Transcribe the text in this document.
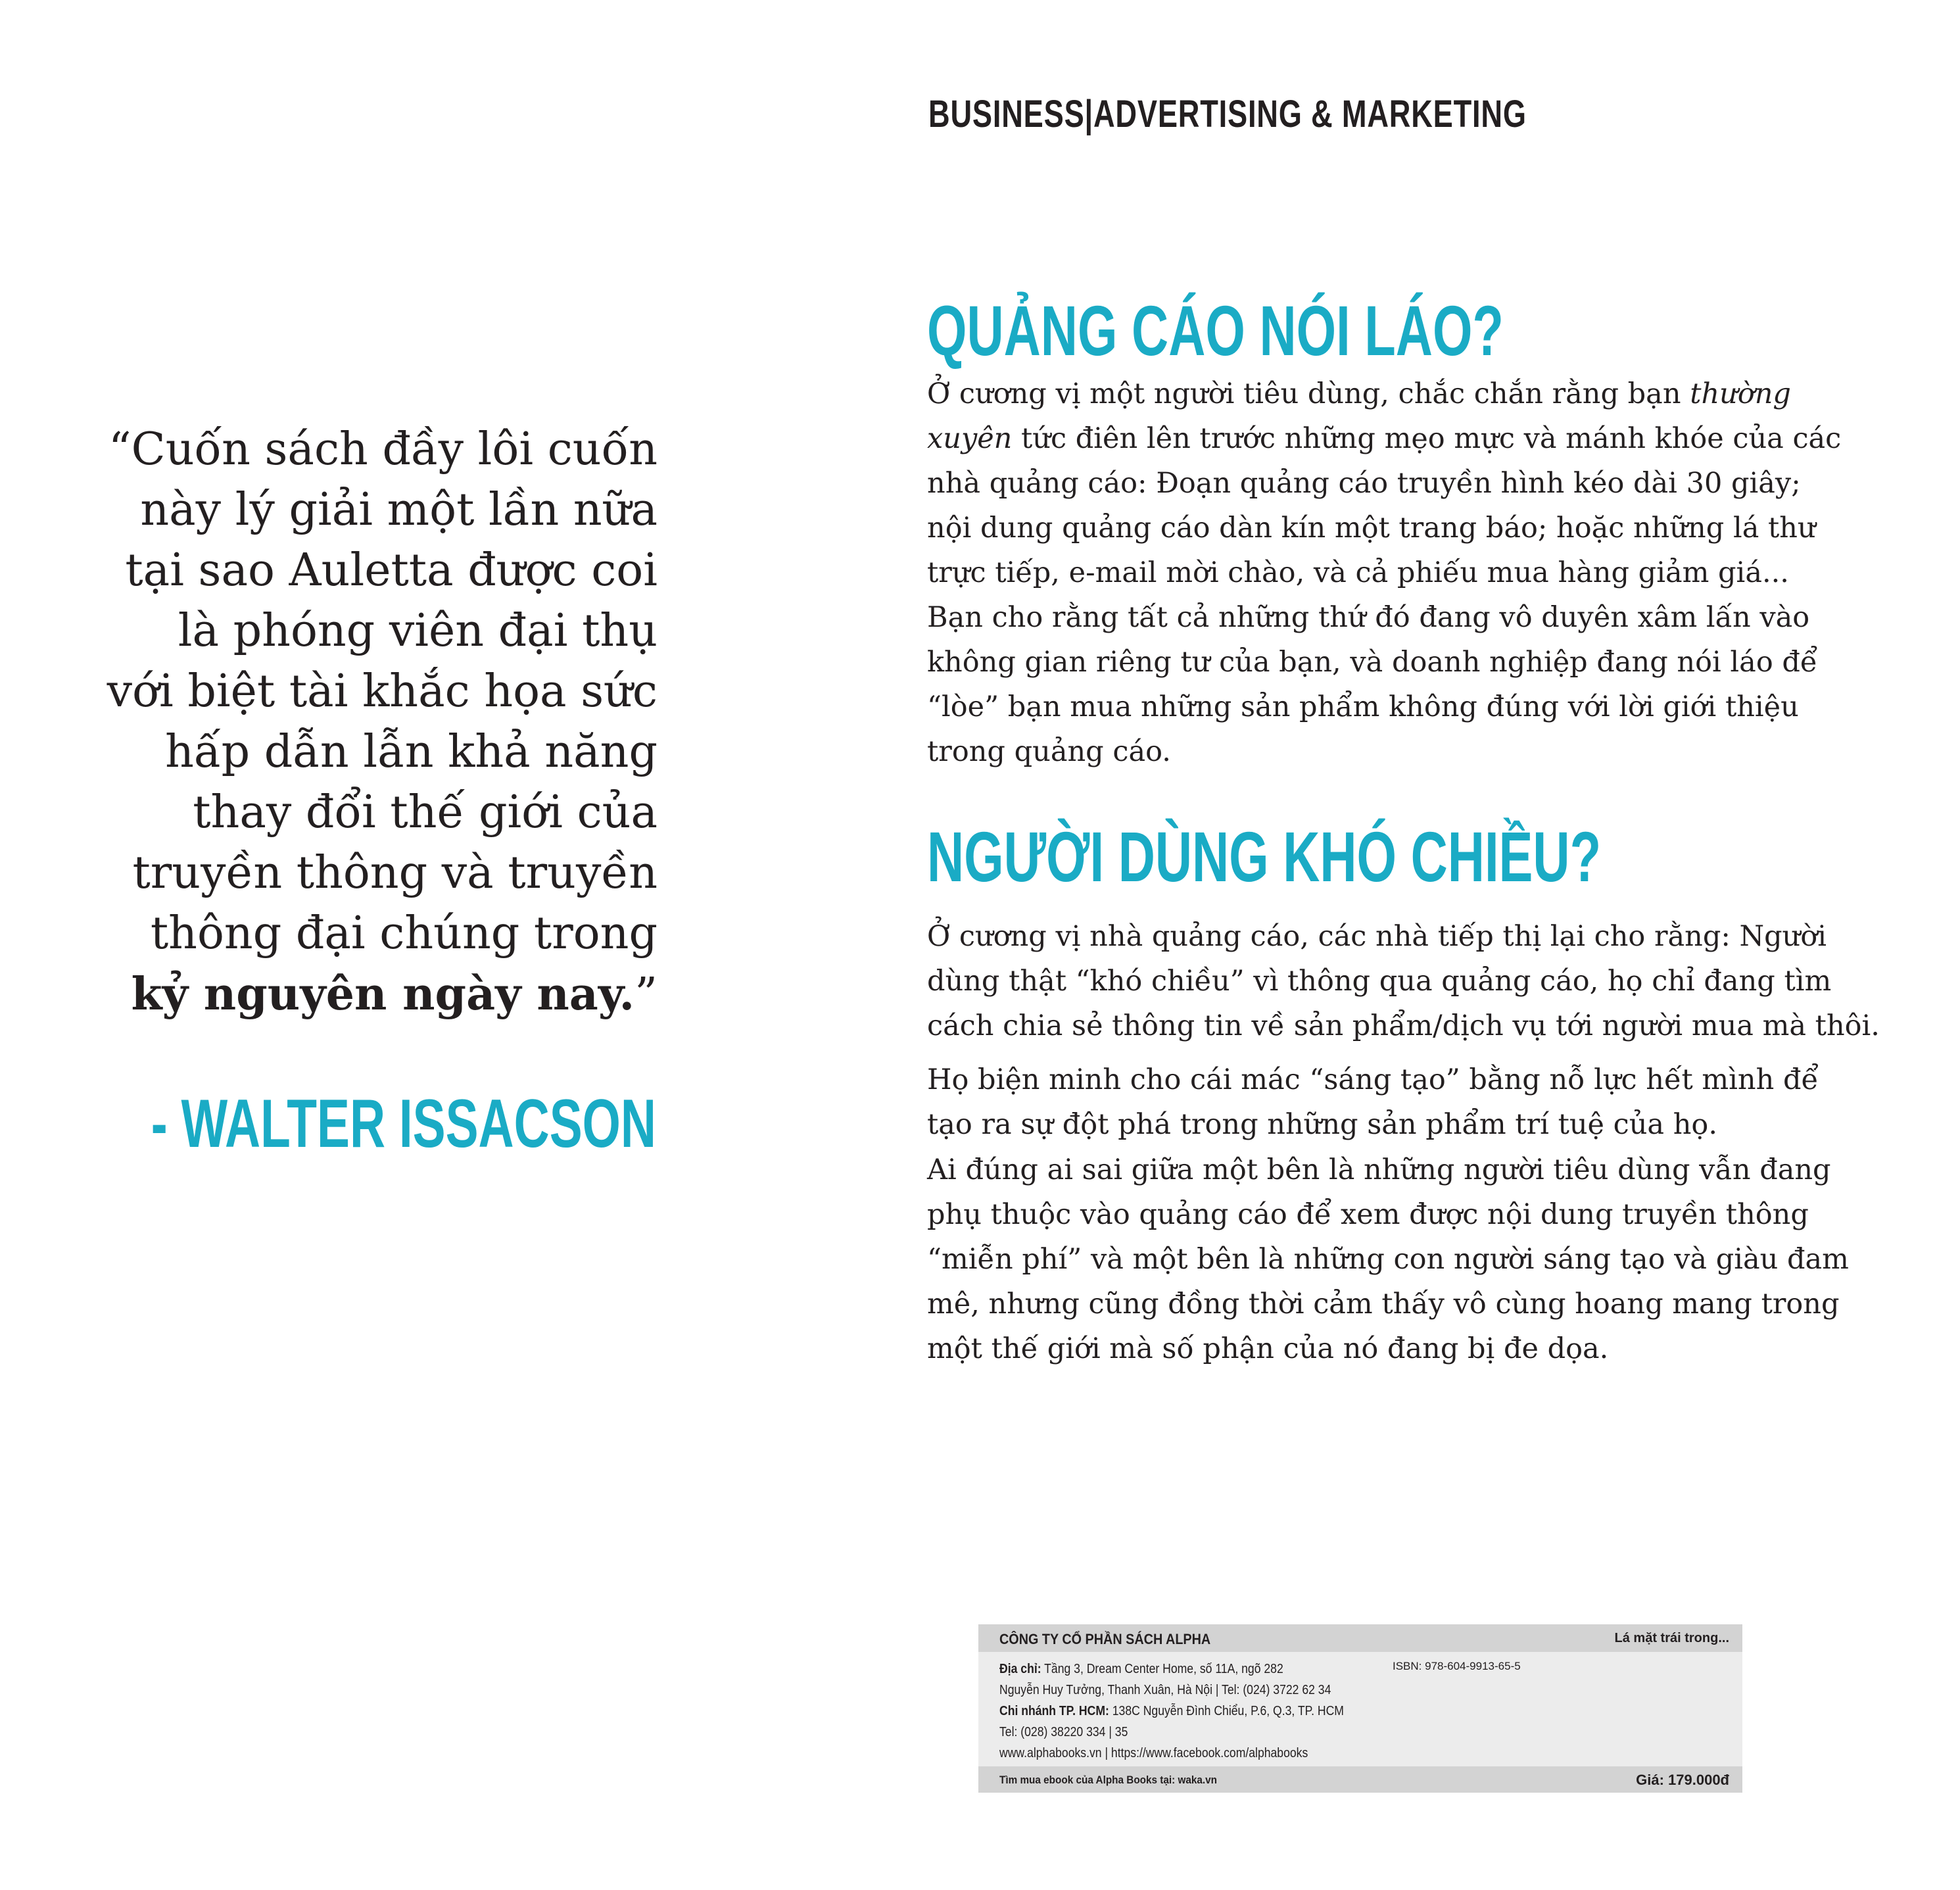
BUSINESS|ADVERTISING & MARKETING
“Cuốn sách đầy lôi cuốn
này lý giải một lần nữa
tại sao Auletta được coi
là phóng viên đại thụ
với biệt tài khắc họa sức
hấp dẫn lẫn khả năng
thay đổi thế giới của
truyền thông và truyền
thông đại chúng trong
kỷ nguyên ngày nay.”
- WALTER ISSACSON
QUẢNG CÁO NÓI LÁO?
Ở cương vị một người tiêu dùng, chắc chắn rằng bạn thường
xuyên tức điên lên trước những mẹo mực và mánh khóe của các
nhà quảng cáo: Đoạn quảng cáo truyền hình kéo dài 30 giây;
nội dung quảng cáo dàn kín một trang báo; hoặc những lá thư
trực tiếp, e-mail mời chào, và cả phiếu mua hàng giảm giá...
Bạn cho rằng tất cả những thứ đó đang vô duyên xâm lấn vào
không gian riêng tư của bạn, và doanh nghiệp đang nói láo để
“lòe” bạn mua những sản phẩm không đúng với lời giới thiệu
trong quảng cáo.
NGƯỜI DÙNG KHÓ CHIỀU?
Ở cương vị nhà quảng cáo, các nhà tiếp thị lại cho rằng: Người
dùng thật “khó chiều” vì thông qua quảng cáo, họ chỉ đang tìm
cách chia sẻ thông tin về sản phẩm/dịch vụ tới người mua mà thôi.
Họ biện minh cho cái mác “sáng tạo” bằng nỗ lực hết mình để
tạo ra sự đột phá trong những sản phẩm trí tuệ của họ.
Ai đúng ai sai giữa một bên là những người tiêu dùng vẫn đang
phụ thuộc vào quảng cáo để xem được nội dung truyền thông
“miễn phí” và một bên là những con người sáng tạo và giàu đam
mê, nhưng cũng đồng thời cảm thấy vô cùng hoang mang trong
một thế giới mà số phận của nó đang bị đe dọa.
CÔNG TY CỔ PHẦN SÁCH ALPHA	Lá mặt trái trong...
Địa chỉ: Tầng 3, Dream Center Home, số 11A, ngõ 282
Nguyễn Huy Tưởng, Thanh Xuân, Hà Nội | Tel: (024) 3722 62 34
Chi nhánh TP. HCM: 138C Nguyễn Đình Chiểu, P.6, Q.3, TP. HCM
Tel: (028) 38220 334 | 35
www.alphabooks.vn | https://www.facebook.com/alphabooks
ISBN: 978-604-9913-65-5
Tìm mua ebook của Alpha Books tại: waka.vn	Giá: 179.000đ
